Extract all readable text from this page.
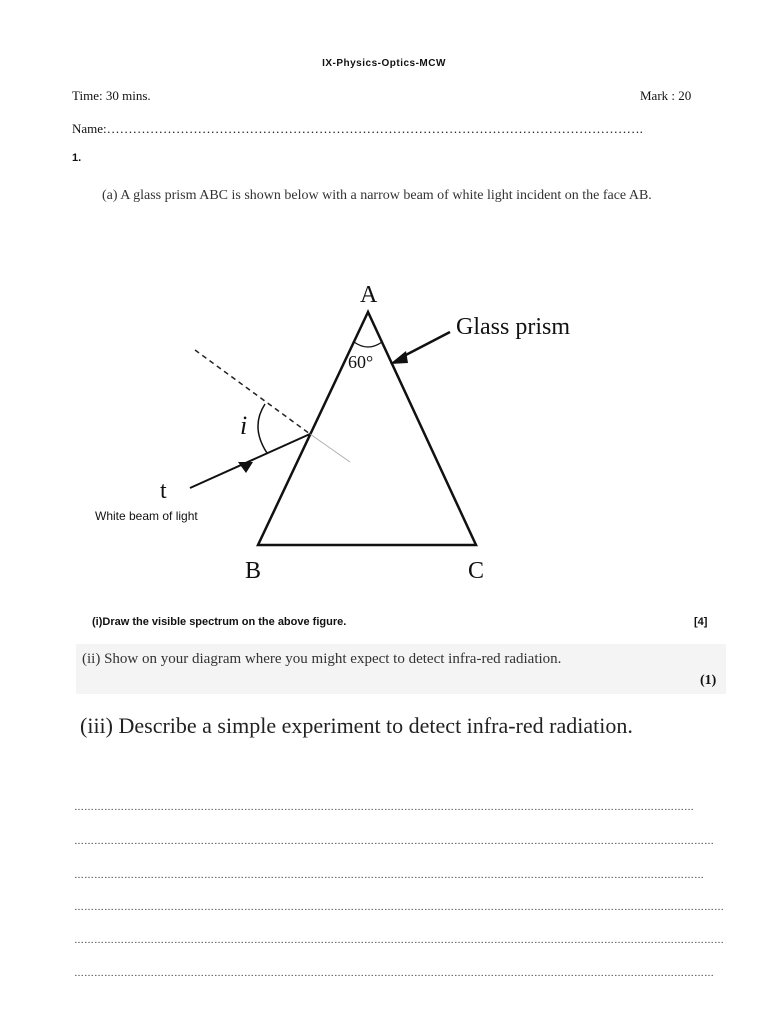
IX-Physics-Optics-MCW
Time: 30 mins.	Mark : 20
Name:…………………………………………………………………………………………………………….
1.
(a) A glass prism ABC is shown below with a narrow beam of white light incident on the face AB.
A
B	C
60°
Glass prism
i
t
White beam of light
(i)Draw the visible spectrum on the above figure.	[4]
(ii) Show on your diagram where you might expect to detect infra-red radiation.
(1)
(iii) Describe a simple experiment to detect infra-red radiation.
……………………………………………………………………………………………………………………………………………………………………
…………………………………………………………………………………………………………………………………………………………………………
………………………………………………………………………………………………………………………………………………………………………
……………………………………………………………………………………………………………………………………………………………………………
……………………………………………………………………………………………………………………………………………………………………………
…………………………………………………………………………………………………………………………………………………………………………
